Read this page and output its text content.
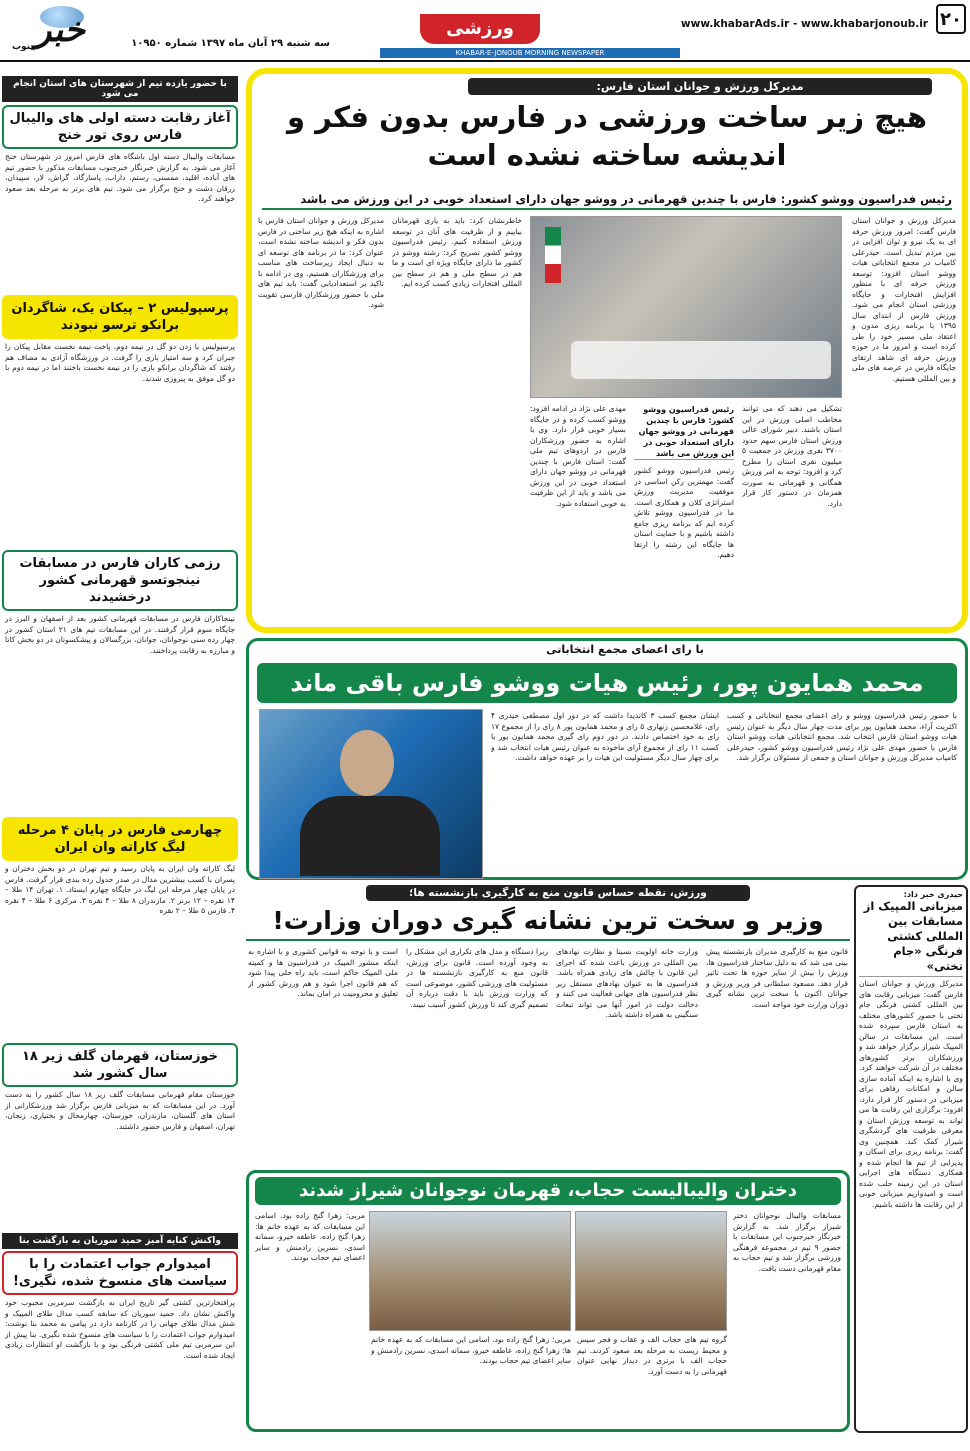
۲۰
www.khabarAds.ir - www.khabarjonoub.ir
ورزشی
KHABAR-E-JONOUB MORNING NEWSPAPER
سه شنبه ۲۹ آبان ماه ۱۳۹۷ شماره ۱۰۹۵۰
خبر
جنوب
با حضور یازده تیم از شهرستان های استان انجام می شود
آغاز رقابت دسته اولی های والیبال فارس روی تور خنج
مسابقات والیبال دسته اول باشگاه های فارس امروز در شهرستان خنج آغاز می شود. به گزارش خبرنگار خبرجنوب مسابقات مذکور با حضور تیم های آباده، اقلید، ممسنی، رستم، داراب، پاسارگاد، گراش، لار، سپیدان، زرقان دشت و خنج برگزار می شود. تیم های برتر به مرحله بعد صعود خواهند کرد.
پرسپولیس ۲ – پیکان یک، شاگردان برانکو ترسو نبودند
پرسپولیس با زدن دو گل در نیمه دوم، پاخت نیمه نخست مقابل پیکان را جبران کرد و سه امتیاز بازی را گرفت. در ورزشگاه آزادی به مصاف هم رفتند که شاگردان برانکو بازی را در نیمه نخست باختند اما در نیمه دوم با دو گل موفق به پیروزی شدند.
رزمی کاران فارس در مسابقات نینجوتسو قهرمانی کشور درخشیدند
نینجاکاران فارس در مسابقات قهرمانی کشور بعد از اصفهان و البرز در جایگاه سوم قرار گرفتند. در این مسابقات تیم های ۲۱ استان کشور در چهار رده سنی نوجوانان، جوانان، بزرگسالان و پیشکسوتان در دو بخش کاتا و مبارزه به رقابت پرداختند.
چهارمی فارس در پایان ۴ مرحله لیگ کاراته وان ایران
لیگ کاراته وان ایران به پایان رسید و تیم تهران در دو بخش دختران و پسران با کسب بیشترین مدال در صدر جدول رده بندی قرار گرفت. فارس در پایان چهار مرحله این لیگ در جایگاه چهارم ایستاد. ۱. تهران ۱۴ طلا – ۱۴ نقره – ۱۲ برنز ۲. مازندران ۸ طلا – ۴ نقره ۳. مرکزی ۶ طلا – ۴ نقره ۴. فارس ۵ طلا – ۲ نقره
خوزستان، قهرمان گلف زیر ۱۸ سال کشور شد
خوزستان مقام قهرمانی مسابقات گلف زیر ۱۸ سال کشور را به دست آورد. در این مسابقات که به میزبانی فارس برگزار شد ورزشکارانی از استان های گلستان، مازندران، خوزستان، چهارمحال و بختیاری، زنجان، تهران، اصفهان و فارس حضور داشتند.
واکنش کنایه آمیز حمید سوریان به بازگشت بنا
امیدوارم جواب اعتمادت را با سیاست های منسوخ شده، نگیری!
پرافتخارترین کشتی گیر تاریخ ایران به بازگشت سرمربی محبوب خود واکنش نشان داد. حمید سوریان که سابقه کسب مدال طلای المپیک و شش مدال طلای جهانی را در کارنامه دارد در پیامی به محمد بنا نوشت: امیدوارم جواب اعتمادت را با سیاست های منسوخ شده نگیری. بنا پیش از این سرمربی تیم ملی کشتی فرنگی بود و با بازگشت او انتظارات زیادی ایجاد شده است.
مدیرکل ورزش و جوانان استان فارس:
هیچ زیر ساخت ورزشی در فارس بدون فکر و اندیشه ساخته نشده است
رئیس فدراسیون ووشو کشور: فارس با چندین قهرمانی در ووشو جهان دارای استعداد خوبی در این ورزش می باشد
مدیرکل ورزش و جوانان استان فارس گفت: امروز ورزش حرفه ای به یک نیرو و توان افزایی در بین مردم تبدیل است. حیدرعلی کامیاب در مجمع انتخاباتی هیات ووشو استان افزود: توسعه ورزش حرفه ای با منظور افزایش افتخارات و جایگاه ورزشی استان انجام می شود. ورزش فارس از ابتدای سال ۱۳۹۵ با برنامه ریزی مدون و اعتقاد ملی مسیر خود را طی کرده است و امروز ما در حوزه ورزش حرفه ای شاهد ارتقای جایگاه فارس در عرصه های ملی و بین المللی هستیم.
تشکیل می دهند که می توانند مخاطب اصلی ورزش در این استان باشند. دبیر شورای عالی ورزش استان فارس سهم حدود ۳۷۰۰ نفری ورزش در جمعیت ۵ میلیون نفری استان را مطرح کرد و افزود: توجه به امر ورزش همگانی و قهرمانی به صورت همزمان در دستور کار قرار دارد.
رئیس فدراسیون ووشو کشور: فارس با چندین قهرمانی در ووشو جهان دارای استعداد خوبی در این ورزش می باشد
رئیس فدراسیون ووشو کشور گفت: مهمترین رکن اساسی در موفقیت مدیریت ورزش استراتژی کلان و همکاری است. ما در فدراسیون ووشو تلاش کرده ایم که برنامه ریزی جامع داشته باشیم و با حمایت استان ها جایگاه این رشته را ارتقا دهیم.
مهدی علی نژاد در ادامه افزود: ووشو کسب کرده و در جایگاه بسیار خوبی قرار دارد. وی با اشاره به حضور ورزشکاران فارس در اردوهای تیم ملی گفت: استان فارس با چندین قهرمانی در ووشو جهان دارای استعداد خوبی در این ورزش می باشد و باید از این ظرفیت به خوبی استفاده شود.
خاطرنشان کرد: باید به یاری قهرمانان بیاییم و از ظرفیت های آنان در توسعه ورزش استفاده کنیم. رئیس فدراسیون ووشو کشور تصریح کرد: رشته ووشو در کشور ما دارای جایگاه ویژه ای است و ما هم در سطح ملی و هم در سطح بین المللی افتخارات زیادی کسب کرده ایم.
مدیرکل ورزش و جوانان استان فارس با اشاره به اینکه هیچ زیر ساختی در فارس بدون فکر و اندیشه ساخته نشده است، عنوان کرد: ما در برنامه های توسعه ای به دنبال ایجاد زیرساخت های مناسب برای ورزشکاران هستیم. وی در ادامه با تاکید بر استعدادیابی گفت: باید تیم های ملی با حضور ورزشکاران فارسی تقویت شود.
با رای اعضای مجمع انتخاباتی
محمد همایون پور، رئیس هیات ووشو فارس باقی ماند
با حضور رئیس فدراسیون ووشو و رای اعضای مجمع انتخاباتی و کسب اکثریت آراء، محمد همایون پور برای مدت چهار سال دیگر به عنوان رئیس هیات ووشو استان فارس انتخاب شد. مجمع انتخاباتی هیات ووشو استان فارس با حضور مهدی علی نژاد رئیس فدراسیون ووشو کشور، حیدرعلی کامیاب مدیرکل ورزش و جوانان استان و جمعی از مسئولان برگزار شد.
ایشان مجمع کسب ۳ کاندیدا داشت که در دور اول مصطفی حیدری ۴ رای، غلامحسین زنهاری ۵ رای و محمد همایون پور ۸ رای را از مجموع ۱۷ رای به خود اختصاص دادند. در دور دوم رای گیری محمد همایون پور با کسب ۱۱ رای از مجموع آرای ماخوذه به عنوان رئیس هیات انتخاب شد و برای چهار سال دیگر مسئولیت این هیات را بر عهده خواهد داشت.
ورزش، نقطه حساس قانون منع به کارگیری بازنشسته ها؛
وزیر و سخت ترین نشانه گیری دوران وزارت!
قانون منع به کارگیری مدیران بازنشسته پیش بینی می شد که به دلیل ساختار فدراسیون ها، ورزش را بیش از سایر حوزه ها تحت تاثیر قرار دهد. مسعود سلطانی فر وزیر ورزش و جوانان اکنون با سخت ترین نشانه گیری دوران وزارت خود مواجه است.
وزارت خانه اولویت نسبتا و نظارت نهادهای بین المللی در ورزش باعث شده که اجرای این قانون با چالش های زیادی همراه باشد. فدراسیون ها به عنوان نهادهای مستقل زیر نظر فدراسیون های جهانی فعالیت می کنند و دخالت دولت در امور آنها می تواند تبعات سنگینی به همراه داشته باشد.
زیرا دستگاه و مدل های تکراری این مشکل را به وجود آورده است. قانون برای ورزش، قانون منع به کارگیری بازنشسته ها در مسئولیت های ورزشی کشور، موضوعی است که وزارت ورزش باید با دقت درباره آن تصمیم گیری کند تا ورزش کشور آسیب نبیند.
است و با توجه به قوانین کشوری و با اشاره به اینکه منشور المپیک در فدراسیون ها و کمیته ملی المپیک حاکم است، باید راه حلی پیدا شود که هم قانون اجرا شود و هم ورزش کشور از تعلیق و محرومیت در امان بماند.
حیدری خبر داد:
میزبانی المپیک از مسابقات بین المللی کشتی فرنگی «جام تختی»
مدیرکل ورزش و جوانان استان فارس گفت: میزبانی رقابت های بین المللی کشتی فرنگی جام تختی با حضور کشورهای مختلف به استان فارس سپرده شده است. این مسابقات در سالن المپیک شیراز برگزار خواهد شد و ورزشکاران برتر کشورهای مختلف در آن شرکت خواهند کرد. وی با اشاره به اینکه آماده سازی سالن و امکانات رفاهی برای میزبانی در دستور کار قرار دارد، افزود: برگزاری این رقابت ها می تواند به توسعه ورزش استان و معرفی ظرفیت های گردشگری شیراز کمک کند. همچنین وی گفت: برنامه ریزی برای اسکان و پذیرایی از تیم ها انجام شده و همکاری دستگاه های اجرایی استان در این زمینه جلب شده است و امیدواریم میزبانی خوبی از این رقابت ها داشته باشیم.
دختران والیبالیست حجاب، قهرمان نوجوانان شیراز شدند
مسابقات والیبال نوجوانان دختر شیراز برگزار شد. به گزارش خبرنگار خبرجنوب این مسابقات با حضور ۹ تیم در مجموعه فرهنگی ورزشی برگزار شد و تیم حجاب به مقام قهرمانی دست یافت.
گروه تیم های حجاب الف و عقاب و فجر سیس و محیط زیست به مرحله بعد صعود کردند. تیم حجاب الف با برتری در دیدار نهایی عنوان قهرمانی را به دست آورد.
مربی: زهرا گنج زاده بود. اسامی این مسابقات که به عهده خانم ها: زهرا گنج زاده، عاطفه خیرو، سمانه اسدی، نسرین رادمنش و سایر اعضای تیم حجاب بودند.
مربی: زهرا گنج زاده بود. اسامی این مسابقات که به عهده خانم ها: زهرا گنج زاده، عاطفه خیرو، سمانه اسدی، نسرین رادمنش و سایر اعضای تیم حجاب بودند.
